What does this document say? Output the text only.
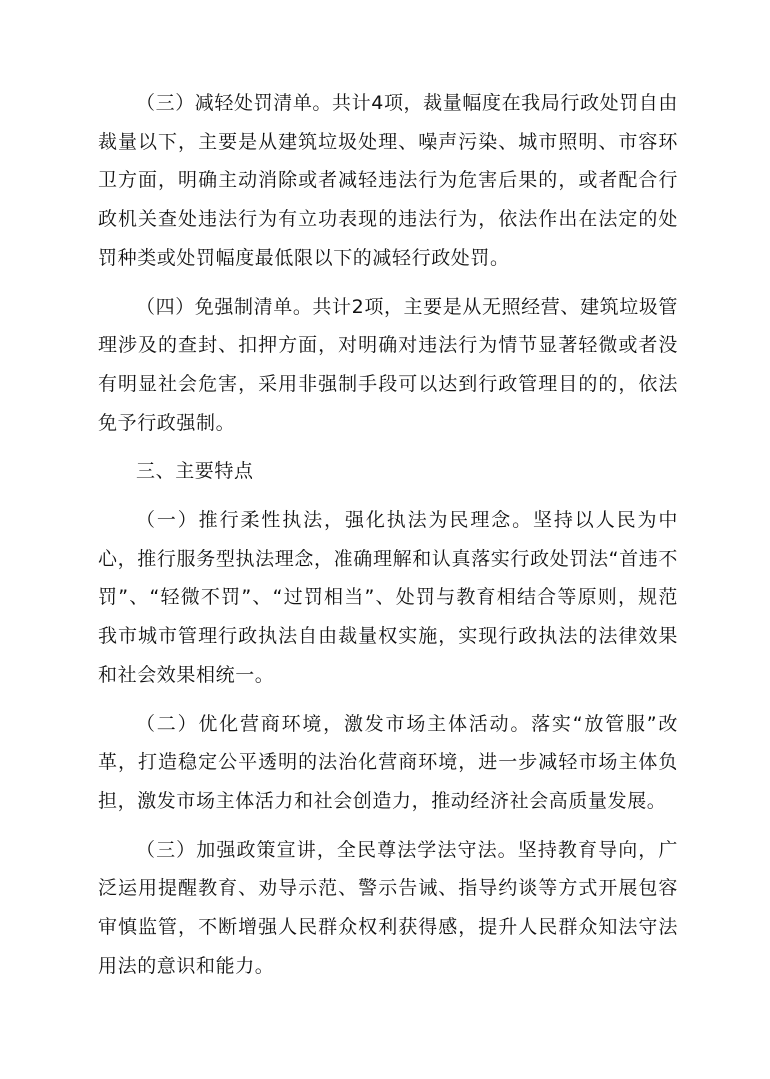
（三）减轻处罚清单。共计4项，裁量幅度在我局行政处罚自由裁量以下，主要是从建筑垃圾处理、噪声污染、城市照明、市容环卫方面，明确主动消除或者减轻违法行为危害后果的，或者配合行政机关查处违法行为有立功表现的违法行为，依法作出在法定的处罚种类或处罚幅度最低限以下的减轻行政处罚。

（四）免强制清单。共计2项，主要是从无照经营、建筑垃圾管理涉及的查封、扣押方面，对明确对违法行为情节显著轻微或者没有明显社会危害，采用非强制手段可以达到行政管理目的的，依法免予行政强制。

三、主要特点

（一）推行柔性执法，强化执法为民理念。坚持以人民为中心，推行服务型执法理念，准确理解和认真落实行政处罚法“首违不罚”、“轻微不罚”、“过罚相当”、处罚与教育相结合等原则，规范我市城市管理行政执法自由裁量权实施，实现行政执法的法律效果和社会效果相统一。

（二）优化营商环境，激发市场主体活动。落实“放管服”改革，打造稳定公平透明的法治化营商环境，进一步减轻市场主体负担，激发市场主体活力和社会创造力，推动经济社会高质量发展。

（三）加强政策宣讲，全民尊法学法守法。坚持教育导向，广泛运用提醒教育、劝导示范、警示告诫、指导约谈等方式开展包容审慎监管，不断增强人民群众权利获得感，提升人民群众知法守法用法的意识和能力。
